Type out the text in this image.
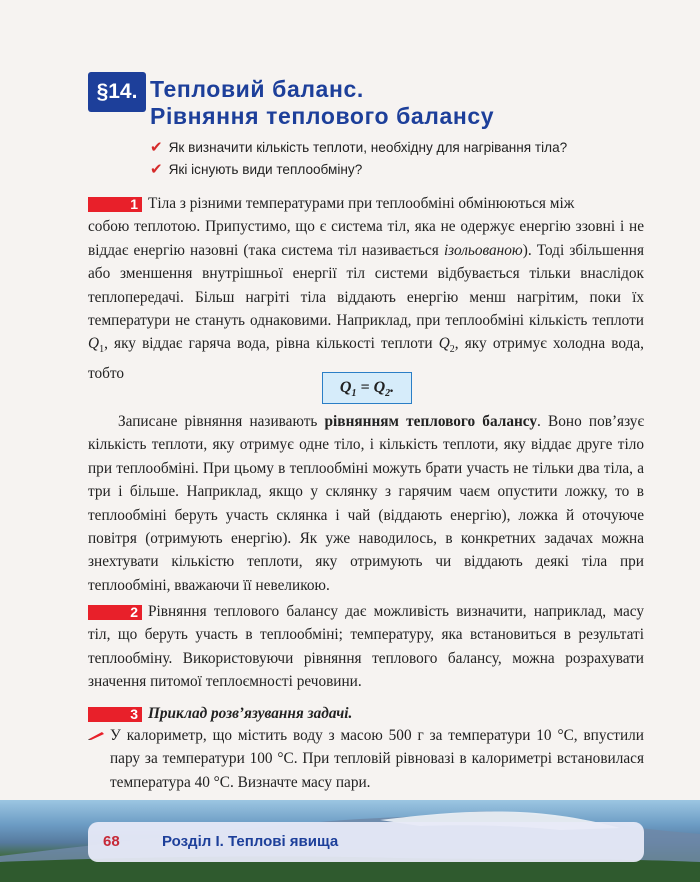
§14. Тепловий баланс.
Рівняння теплового балансу
✔ Як визначити кількість теплоти, необхідну для нагрівання тіла?
✔ Які існують види теплообміну?

1 Тіла з різними температурами при теплообміні обмінюються між

собою теплотою. Припустимо, що є система тіл, яка не одержує енергію ззовні і не віддає енергію назовні (така система тіл називається ізольованою). Тоді збільшення або зменшення внутрішньої енергії тіл системи відбувається тільки внаслідок теплопередачі. Більш нагріті тіла віддають енергію менш нагрітим, поки їх температури не стануть однаковими. Наприклад, при теплообміні кількість теплоти $Q_1$, яку віддає гаряча вода, рівна кількості теплоти $Q_2$, яку отримує холодна вода, тобто

$Q_1 = Q_2$.

Записане рівняння називають рівнянням теплового балансу. Воно пов’язує кількість теплоти, яку отримує одне тіло, і кількість теплоти, яку віддає друге тіло при теплообміні. При цьому в теплообміні можуть брати участь не тільки два тіла, а три і більше. Наприклад, якщо у склянку з гарячим чаєм опустити ложку, то в теплообміні беруть участь склянка і чай (віддають енергію), ложка й оточуюче повітря (отримують енергію). Як уже наводилось, в конкретних задачах можна знехтувати кількістю теплоти, яку отримують чи віддають деякі тіла при теплообміні, вважаючи її невеликою.

2 Рівняння теплового балансу дає можливість визначити, наприклад, масу тіл, що беруть участь в теплообміні; температуру, яка встановиться в результаті теплообміну. Використовуючи рівняння теплового балансу, можна розрахувати значення питомої теплоємності речовини.

3 Приклад розв’язування задачі.

У калориметр, що містить воду з масою 500 г за температури 10 °С, впустили пару за температури 100 °С. При тепловій рівновазі в калориметрі встановилася температура 40 °С. Визначте масу пари.

68	Розділ І. Теплові явища
